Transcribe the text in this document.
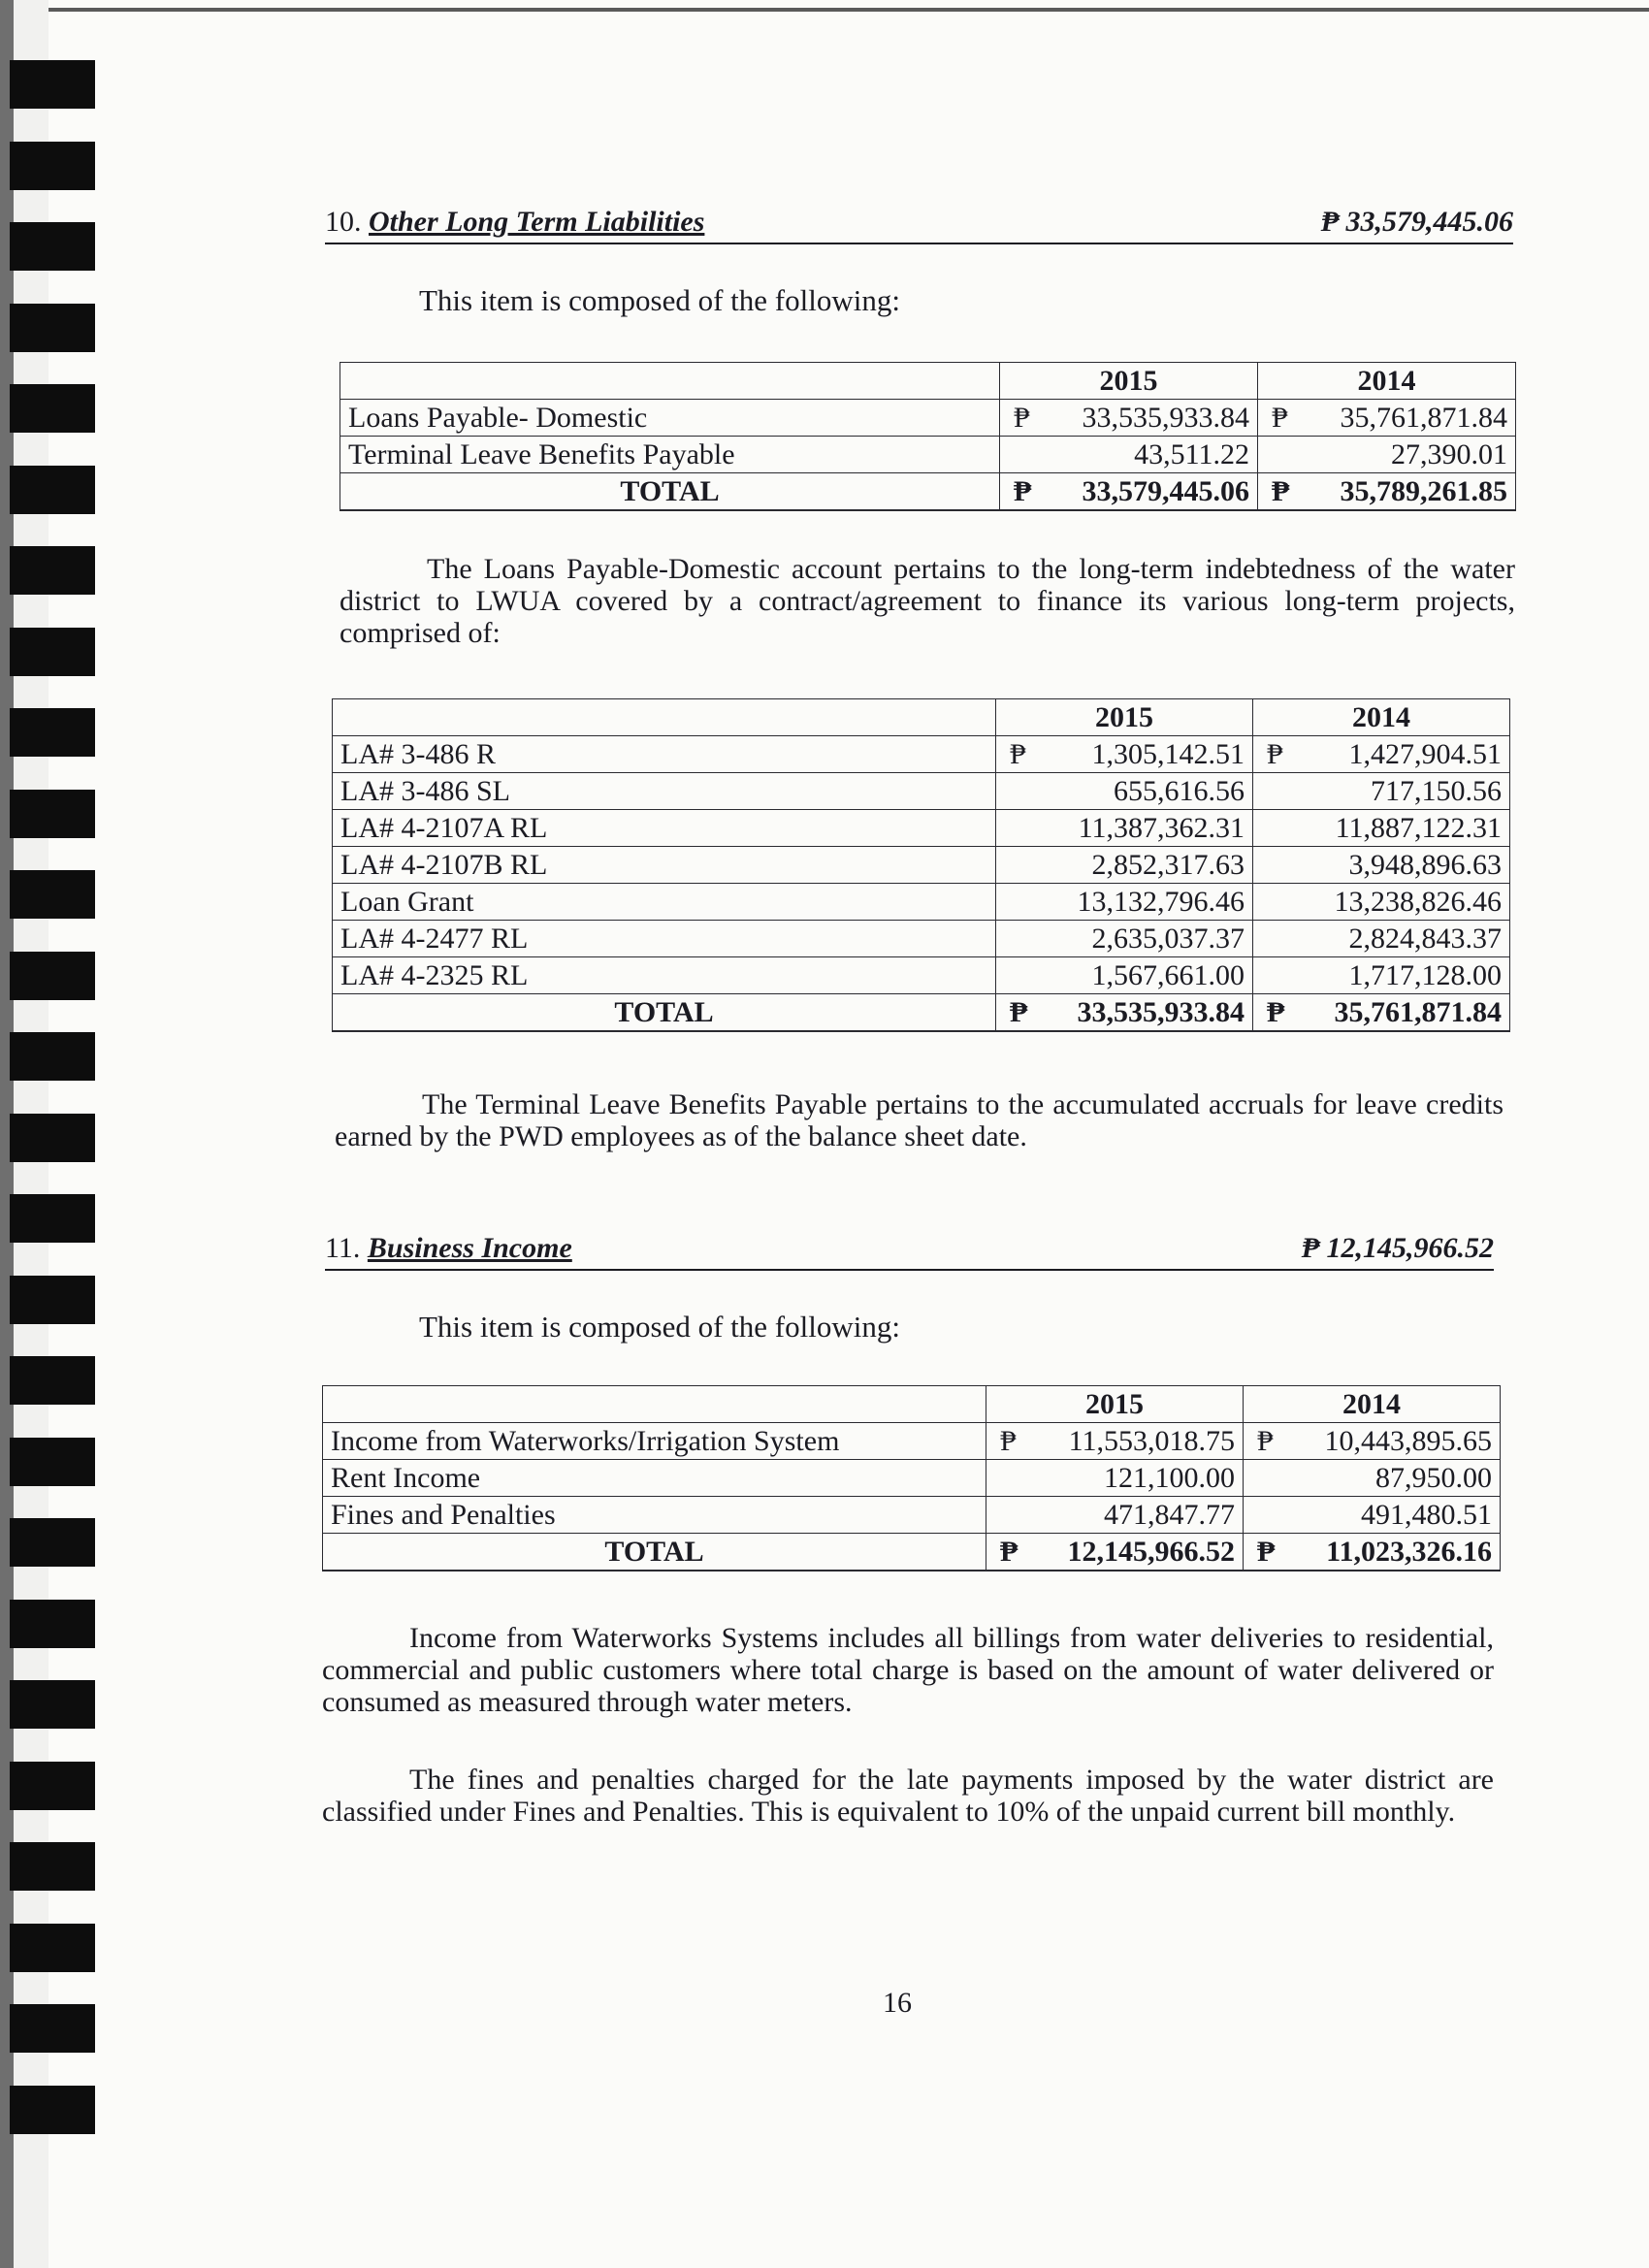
10. Other Long Term Liabilities	₱ 33,579,445.06
This item is composed of the following:
	2015	2014
Loans Payable- Domestic	₱ 33,535,933.84	₱ 35,761,871.84
Terminal Leave Benefits Payable	43,511.22	27,390.01
TOTAL	₱ 33,579,445.06	₱ 35,789,261.85
The Loans Payable-Domestic account pertains to the long-term indebtedness of the water district to LWUA covered by a contract/agreement to finance its various long-term projects, comprised of:
	2015	2014
LA# 3-486 R	₱ 1,305,142.51	₱ 1,427,904.51
LA# 3-486 SL	655,616.56	717,150.56
LA# 4-2107A RL	11,387,362.31	11,887,122.31
LA# 4-2107B RL	2,852,317.63	3,948,896.63
Loan Grant	13,132,796.46	13,238,826.46
LA# 4-2477 RL	2,635,037.37	2,824,843.37
LA# 4-2325 RL	1,567,661.00	1,717,128.00
TOTAL	₱ 33,535,933.84	₱ 35,761,871.84
The Terminal Leave Benefits Payable pertains to the accumulated accruals for leave credits earned by the PWD employees as of the balance sheet date.
11. Business Income	₱ 12,145,966.52
This item is composed of the following:
	2015	2014
Income from Waterworks/Irrigation System	₱ 11,553,018.75	₱ 10,443,895.65
Rent Income	121,100.00	87,950.00
Fines and Penalties	471,847.77	491,480.51
TOTAL	₱ 12,145,966.52	₱ 11,023,326.16
Income from Waterworks Systems includes all billings from water deliveries to residential, commercial and public customers where total charge is based on the amount of water delivered or consumed as measured through water meters.
The fines and penalties charged for the late payments imposed by the water district are classified under Fines and Penalties. This is equivalent to 10% of the unpaid current bill monthly.
16
